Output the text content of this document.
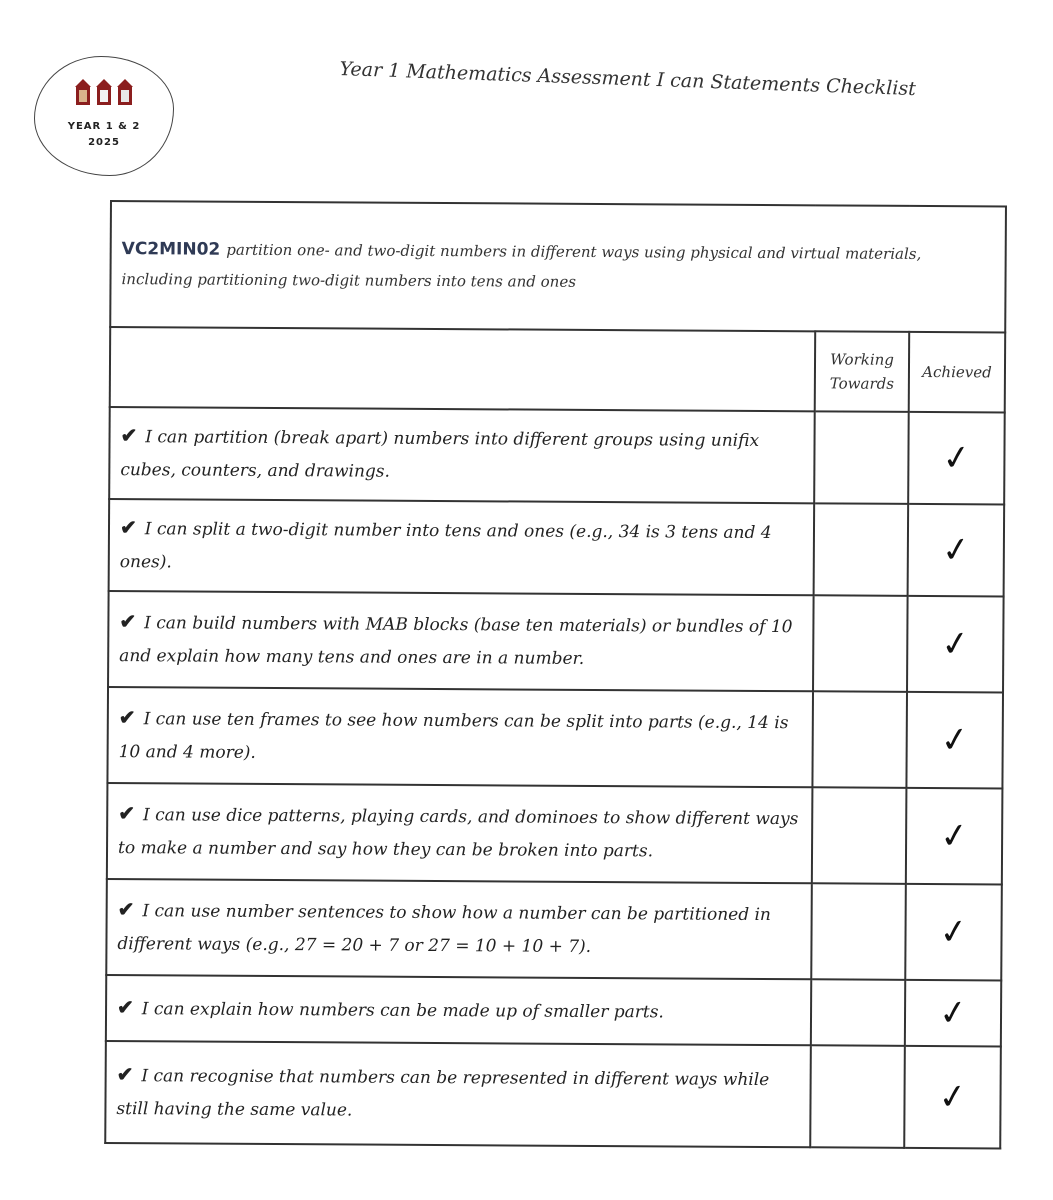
YEAR 1 & 2
2025
Year 1 Mathematics Assessment I can Statements Checklist
VC2MIN02 partition one- and two-digit numbers in different ways using physical and virtual materials, including partitioning two-digit numbers into tens and ones		
	Working Towards	Achieved
✔ I can partition (break apart) numbers into different groups using unifix cubes, counters, and drawings.		✓
✔ I can split a two-digit number into tens and ones (e.g., 34 is 3 tens and 4 ones).		✓
✔ I can build numbers with MAB blocks (base ten materials) or bundles of 10 and explain how many tens and ones are in a number.		✓
✔ I can use ten frames to see how numbers can be split into parts (e.g., 14 is 10 and 4 more).		✓
✔ I can use dice patterns, playing cards, and dominoes to show different ways to make a number and say how they can be broken into parts.		✓
✔ I can use number sentences to show how a number can be partitioned in different ways (e.g., 27 = 20 + 7 or 27 = 10 + 10 + 7).		✓
✔ I can explain how numbers can be made up of smaller parts.		✓
✔ I can recognise that numbers can be represented in different ways while still having the same value.		✓
